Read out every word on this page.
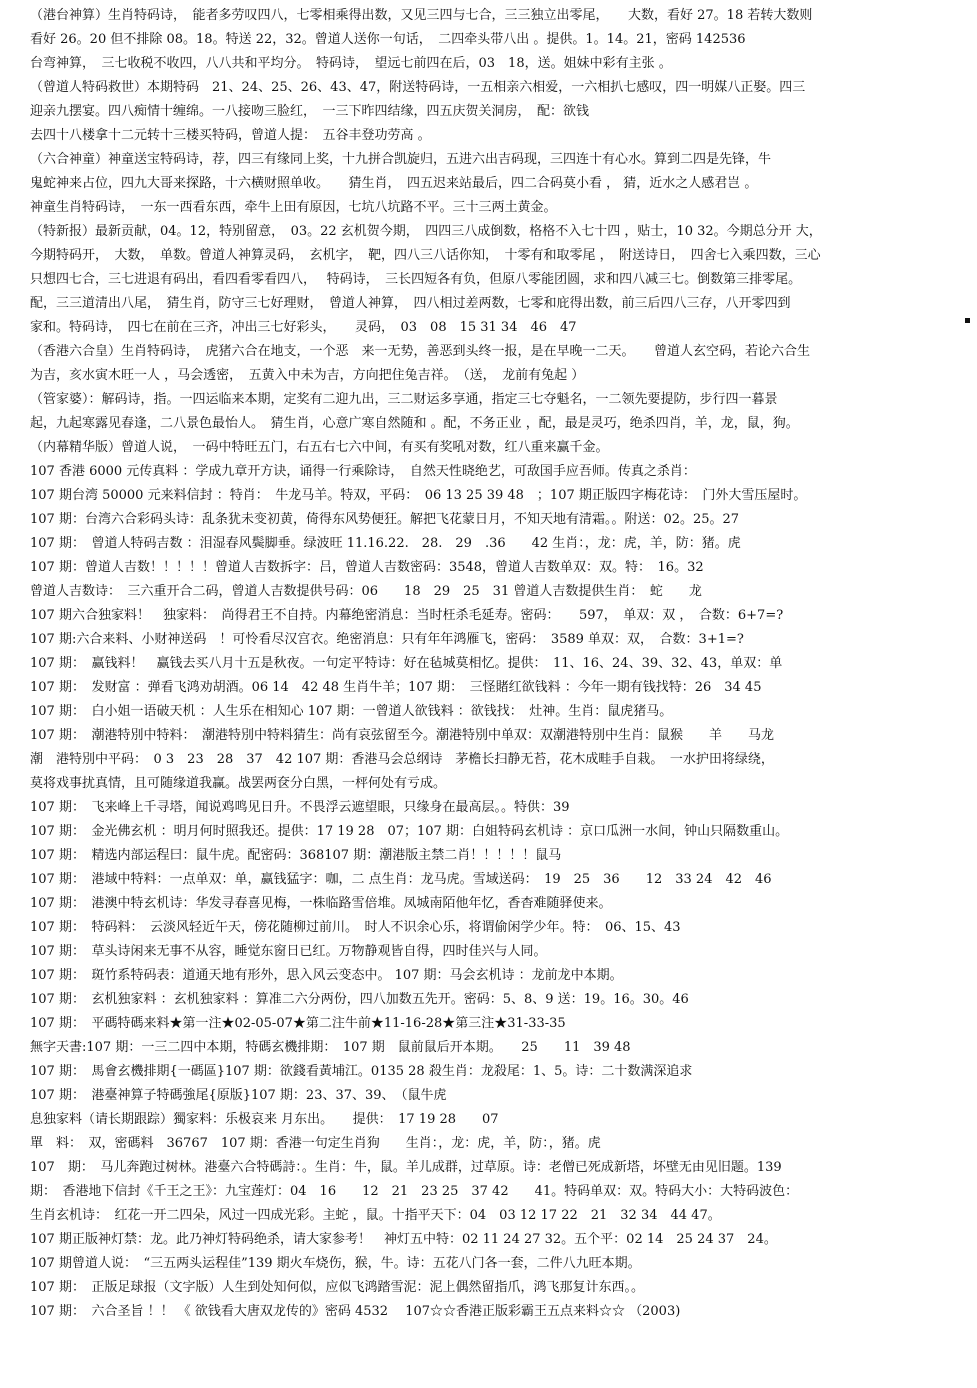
（港台神算）生肖特码诗，　能者多劳叹四八，七零相乘得出数，又见三四与七合，三三独立出零尾，　　大数，看好 27。18 若转大数则
看好 26。20 但不排除 08。18。特送 22，32。曾道人送你一句话，　二四牵头带八出 。提供。1。14。21，密码 142536
台弯神算，　三七收税不收四，八八共和平均分。　特码诗，　望远七前四在后，03　18，送。姐妹中彩有主张 。
（曾道人特码救世）本期特码　21、24、25、26、43、47，附送特码诗，一五相亲六相爱，一六相扒七感叹，四一明媒八正娶。四三
迎亲九摆宴。四八痴情十缠绵。一八接吻三脸红，　一三下昨四结缘，四五庆贺关洞房，　配：欲钱
去四十八楼拿十二元转十三楼买特码，曾道人提：　五谷丰登功劳高 。
（六合神童）神童送宝特码诗，荐，四三有缘同上奖，十九拼合凯旋归，五进六出吉码现，三四连十有心水。算到二四是先锋，牛
鬼蛇神来占位，四九大哥来探路，十六横财照单收。　　猜生肖，　四五迟来站最后，四二合码莫小看 ， 猜，近水之人感君岂 。
神童生肖特码诗，　一东一西看东西，牵牛上田有原因，七坑八坑路不平。三十三两土黄金。
（特新报）最新贡献，04。12，特别留意，　03。22 玄机贺今期，　四四三八成倒数，格格不入七十四 ，贴士，10 32。今期总分开 大，
今期特码开，　大数，　单数。曾道人神算灵码，　玄机字，　靶，四八三八话你知，　十零有和取零尾 ，　附送诗日，　四舍七入乘四数，三心
只想四七合，三七进退有码出，看四看零看四八，　 特码诗，　三长四短各有负，但原八零能团圆，求和四八减三七。倒数第三排零尾。
配，三三道清出八尾，　猜生肖，防守三七好理财，　曾道人神算，　四八相过差两数，七零和庇得出数，前三后四八三存，八开零四到
家和。特码诗，　四七在前在三齐，冲出三七好彩头，　　灵码，　03　08　15 31 34　46　47
（香港六合皇）生肖特码诗，　虎猪六合在地支，一个恶　来一无势，善恶到头终一报，是在早晚一二天。　　曾道人玄空码，若论六合生
为吉，亥水寅木旺一人 ，马会透密，　五黄入中未为吉，方向把住兔吉祥。　（送，　龙前有兔起 ）
（管家婆）：解码诗，指。一四运临来本期，定奖有二迎九出，三二财运多享通，指定三七夺魁名，一二领先要提防，步行四一暮景
起，九起寒露见春逢，二八景色最怡人。　猜生肖，心意广寒自然随和 。配，不务正业 ，配，最是灵巧，绝杀四肖，羊，龙，鼠，狗。
（内幕精华版）曾道人说，　一码中特旺五门，右五右七六中间，有买有奖吼对数，红八重来赢千金。
107 香港 6000 元传真料 ：学成九章开方诀，诵得一行乘除诗，　自然天性晓绝艺，可敌国手应吾师。传真之杀肖：
107 期台湾 50000 元来料信封 ：特肖：　牛龙马羊。特双，平码：　06 13 25 39 48　；107 期正版四字梅花诗：　门外大雪压屋时。
107 期：台湾六合彩码头诗：乱条犹未变初黄，倚得东风势便狂。解把飞花蒙日月，不知天地有清霜。。附送：02。25。27
107 期：　曾道人特码吉数 ：泪湿春风鬓脚垂。绿波旺 11.16.22.　28.　29　.36　　42 生肖：，龙：虎，羊，防：猪。虎
107 期：曾道人吉数！！！！！曾道人吉数拆字：吕，曾道人吉数密码：3548，曾道人吉数单双：双。特：　16。32
曾道人吉数诗：　三六重开合二码，曾道人吉数提供号码：06　　18　29　25　31 曾道人吉数提供生肖：　蛇　　龙
107 期六合独家料！　独家料：　尚得君王不自持。内幕绝密消息：当时枉杀毛延寿。密码：　　597，　单双：双 ，　合数：6+7=?
107 期:六合来料、小财神送码　！可怜看尽汉宫衣。绝密消息：只有年年鸿雁飞，密码：　3589 单双：双，　合数：3+1=?
107 期：　赢钱料！　赢钱去买八月十五是秋夜。一句定平特诗：好在毡城莫相忆。提供：　11、16、24、39、32、43，单双：单
107 期：　发财富 ：弹看飞鸿劝胡酒。06 14　42 48 生肖牛羊；107 期：　三怪賭红欲钱料 ：今年一期有钱找特：26　34 45
107 期：　白小姐一语破天机 ：人生乐在相知心 107 期：一曾道人欲钱料 ：欲钱找：　灶神。生肖：鼠虎猪马。
107 期：　潮港特別中特料：　潮港特別中特料猜生：尚有哀弦留至今。潮港特別中单双：双潮港特別中生肖：鼠猴　　羊　　马龙
潮　港特別中平码：　0 3　23　28　37　42 107 期：香港马会总纲诗　茅檐长扫静无苔，花木成畦手自栽。　一水护田将绿绕，
莫将戏事扰真情，且可随缘道我赢。战罢两奁分白黑，一枰何处有亏成。
107 期：　飞来峰上千寻塔，闻说鸡鸣见日升。不畏浮云遮望眼，只缘身在最高层。。特供：39
107 期：　金光佛玄机 ：明月何时照我还。提供：17 19 28　07；107 期：白姐特码玄机诗 ：京口瓜洲一水间，钟山只隔数重山。
107 期：　精选内部运程曰：鼠牛虎。配密码：368107 期：潮港版主禁二肖！！！！！鼠马
107 期：　港域中特料：一点单双：单，赢钱猛字：咖，二 点生肖：龙马虎。雪域送码：　19　25　36　　12　33 24　42　46
107 期：　港澳中特玄机诗：华发寻春喜见梅，一株临路雪倍堆。凤城南陌他年忆，香杳难随驿使来。
107 期：　特码料：　云淡风轻近午天，傍花随柳过前川。　时人不识余心乐，将谓偷闲学少年。特：　06、15、43
107 期：　草头诗闲来无事不从容，睡觉东窗日已红。万物静观皆自得，四时佳兴与人同。
107 期：　斑竹系特码表：道通天地有形外，思入风云变态中。 107 期：马会玄机诗 ：龙前龙中本期。
107 期：　玄机独家料 ：玄机独家料 ：算准二六分两份，四八加数五先开。密码：5、8、9 送：19。16。30。46
107 期：　平碼特碼来料★第一注★02-05-07★第二注牛前★11-16-28★第三注★31-33-35
無字天書:107 期：一三二四中本期，特碼玄機排期：　107 期　鼠前鼠后开本期。　　25　　11　39 48
107 期：　馬會玄機排期{一碼區}107 期：欲錢看黃埔江。0135 28 殺生肖：龙殺尾：1、5。诗：二十数满深追求
107 期：　港臺神算子特碼強尾{原版}107 期：23、37、39、　（鼠牛虎
息独家料（请长期跟踪）獨家料：乐极哀来 月东出。　　提供：　17 19 28　　07
單　料：　双，密碼料　36767　107 期：香港一句定生肖狗　　生肖：，龙：虎，羊，防：，猪。虎
107　期：　马儿奔跑过树林。港臺六合特碼詩：。生肖：牛，鼠。羊儿成群，过草原。诗：老僧已死成新塔，坏壁无由见旧题。139
期：　香港地下信封《千王之王》：九宝莲灯：04　16　　12　21　23 25　37 42　　41。特码单双：双。特码大小：大特码波色：
生肖玄机诗：　红花一开二四朵，风过一四成光彩。主蛇 ，鼠。十指平天下：04　03 12 17 22　21　32 34　44 47。
107 期正版神灯禁：龙。此乃神灯特码绝杀，请大家参考！　神灯五中特：02 11 24 27 32。五个平：02 14　25 24 37　24。
107 期曾道人说：　“三五两头运程佳”139 期火车烧伤，猴，牛。诗：五花八门各一套，二件八九旺本期。
107 期：　正版足球报（文字版）人生到处知何似，应似飞鸿踏雪泥：泥上偶然留指爪，鸿飞那复计东西。。
107 期：　六合圣旨 ！！ 《 欲钱看大唐双龙传的》密码 4532　 107☆☆香港正版彩霸王五点来料☆☆ （2003)
